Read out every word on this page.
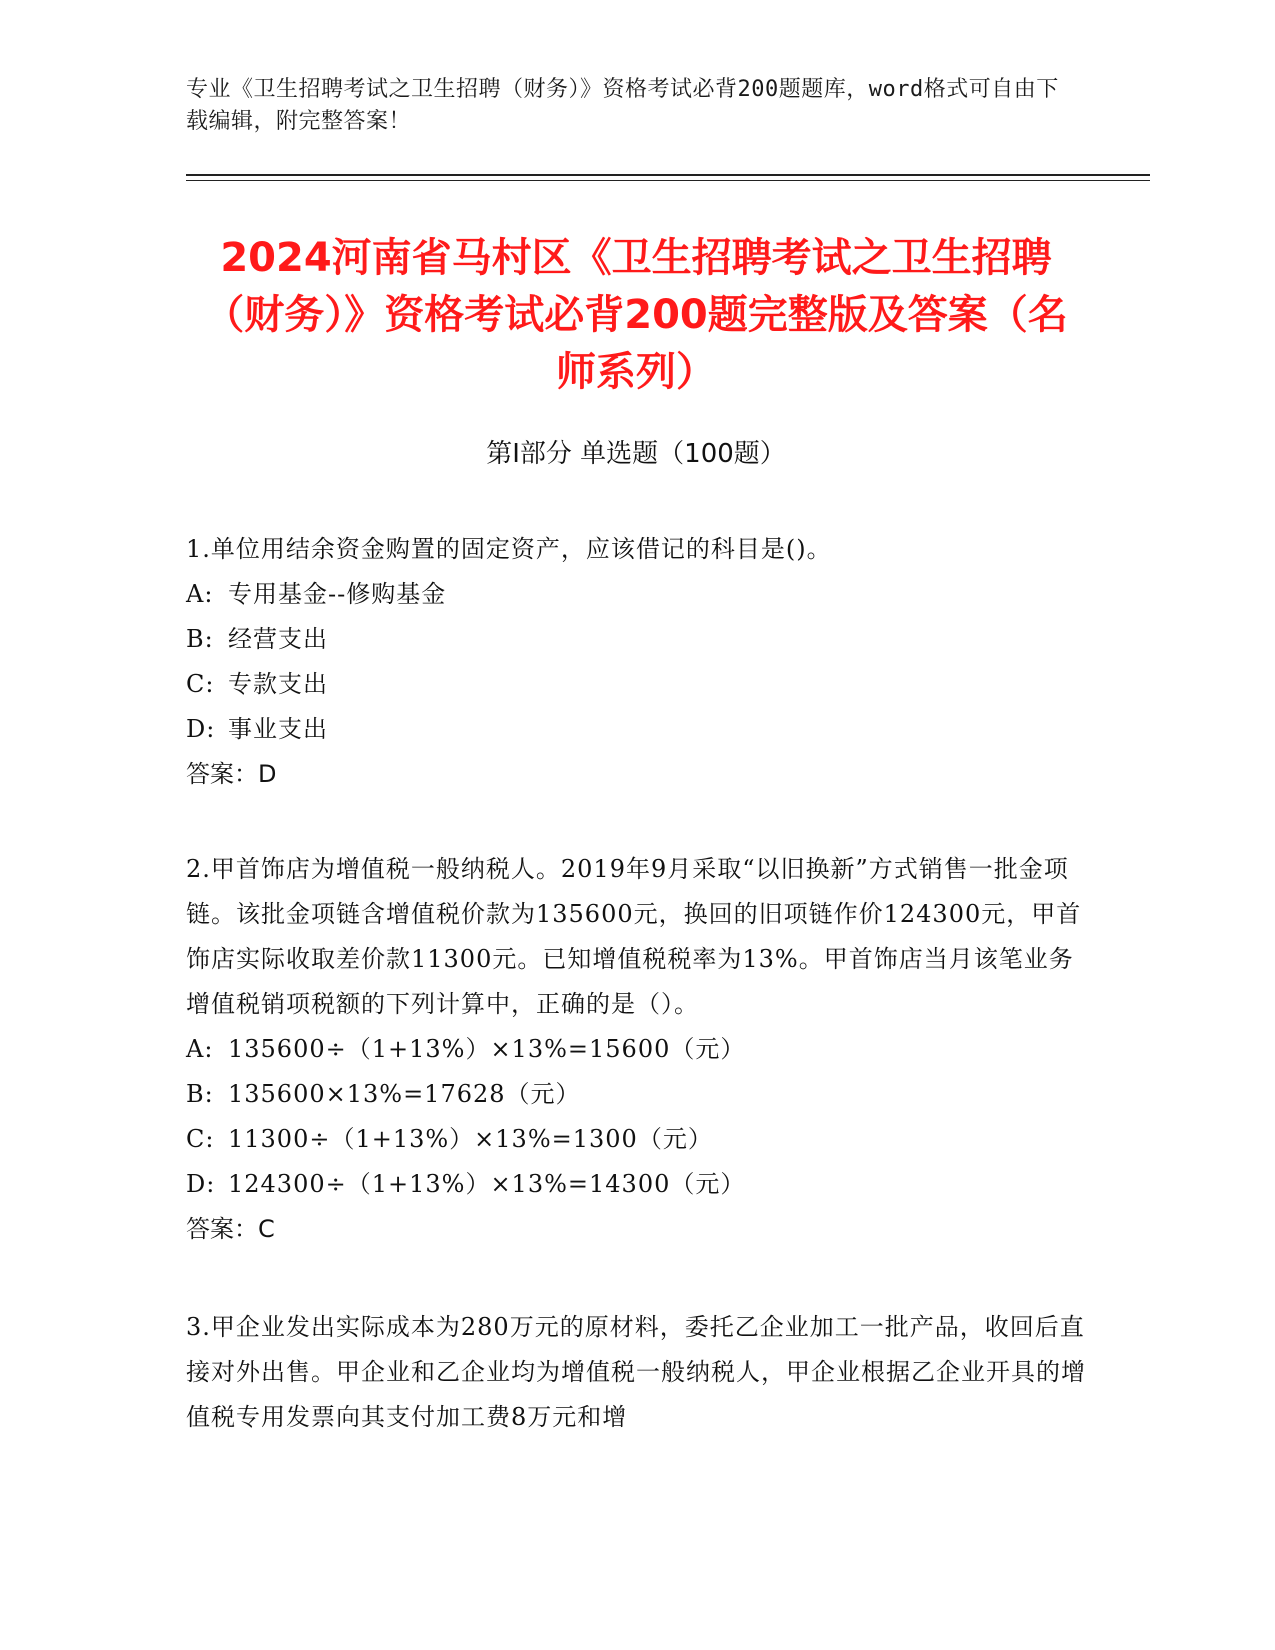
专业《卫生招聘考试之卫生招聘（财务）》资格考试必背200题题库，word格式可自由下载编辑，附完整答案！
2024河南省马村区《卫生招聘考试之卫生招聘（财务）》资格考试必背200题完整版及答案（名师系列）
第I部分 单选题（100题）
1.单位用结余资金购置的固定资产，应该借记的科目是()。
A: 专用基金--修购基金
B: 经营支出
C: 专款支出
D: 事业支出
答案：D
2.甲首饰店为增值税一般纳税人。2019年9月采取“以旧换新”方式销售一批金项链。该批金项链含增值税价款为135600元，换回的旧项链作价124300元，甲首饰店实际收取差价款11300元。已知增值税税率为13%。甲首饰店当月该笔业务增值税销项税额的下列计算中，正确的是（）。
A: 135600÷（1+13%）×13%=15600（元）
B: 135600×13%=17628（元）
C: 11300÷（1+13%）×13%=1300（元）
D: 124300÷（1+13%）×13%=14300（元）
答案：C
3.甲企业发出实际成本为280万元的原材料，委托乙企业加工一批产品，收回后直接对外出售。甲企业和乙企业均为增值税一般纳税人，甲企业根据乙企业开具的增值税专用发票向其支付加工费8万元和增
